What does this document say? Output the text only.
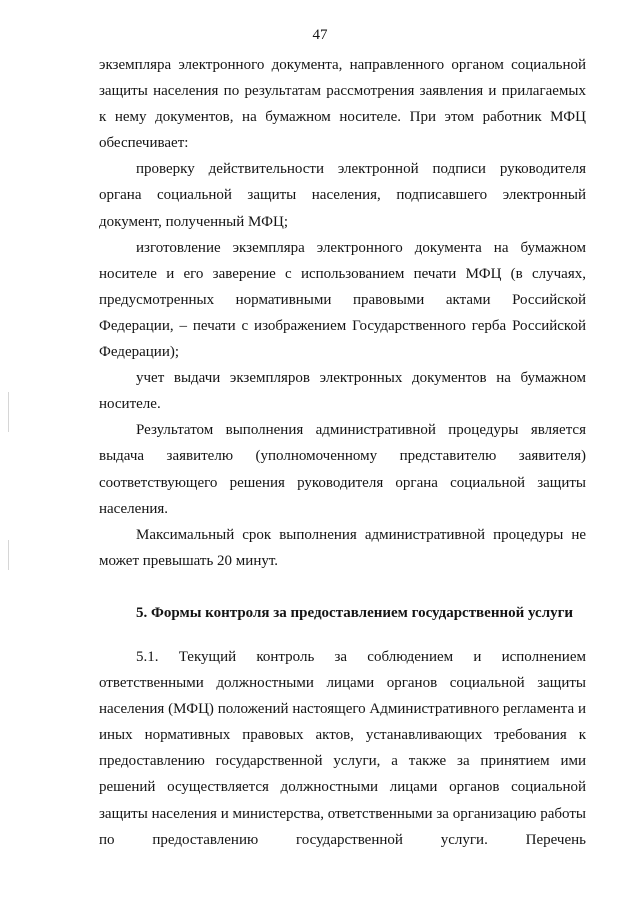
47

экземпляра электронного документа, направленного органом социальной защиты населения по результатам рассмотрения заявления и прилагаемых к нему документов, на бумажном носителе. При этом работник МФЦ обеспечивает:

проверку действительности электронной подписи руководителя органа социальной защиты населения, подписавшего электронный документ, полученный МФЦ;

изготовление экземпляра электронного документа на бумажном носителе и его заверение с использованием печати МФЦ (в случаях, предусмотренных нормативными правовыми актами Российской Федерации, – печати с изображением Государственного герба Российской Федерации);

учет выдачи экземпляров электронных документов на бумажном носителе.

Результатом выполнения административной процедуры является выдача заявителю (уполномоченному представителю заявителя) соответствующего решения руководителя органа социальной защиты населения.

Максимальный срок выполнения административной процедуры не может превышать 20 минут.

5. Формы контроля за предоставлением государственной услуги

5.1. Текущий контроль за соблюдением и исполнением ответственными должностными лицами органов социальной защиты населения (МФЦ) положений настоящего Административного регламента и иных нормативных правовых актов, устанавливающих требования к предоставлению государственной услуги, а также за принятием ими решений осуществляется должностными лицами органов социальной защиты населения и министерства, ответственными за организацию работы по предоставлению государственной услуги. Перечень
